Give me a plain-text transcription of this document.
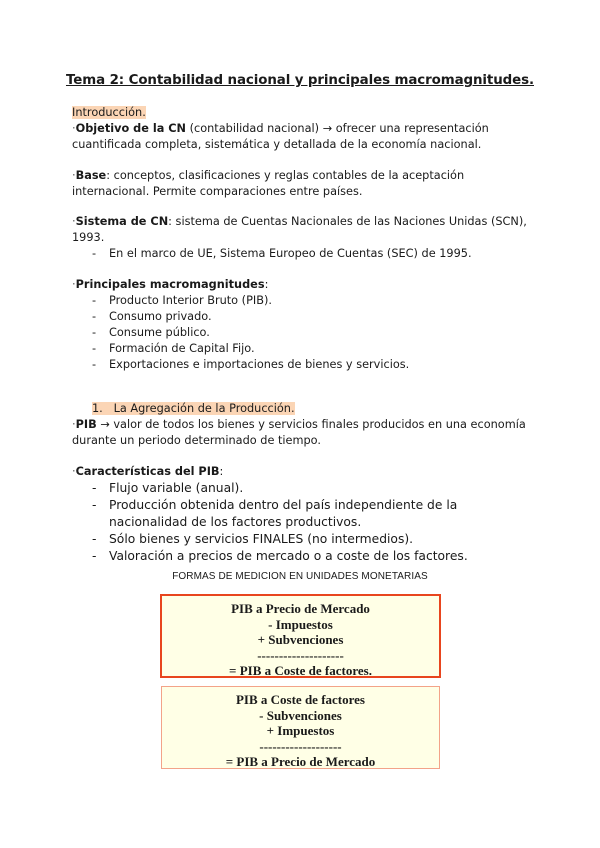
Tema 2: Contabilidad nacional y principales macromagnitudes.
Introducción.
·Objetivo de la CN (contabilidad nacional) → ofrecer una representación cuantificada completa, sistemática y detallada de la economía nacional.
·Base: conceptos, clasificaciones y reglas contables de la aceptación internacional. Permite comparaciones entre países.
·Sistema de CN: sistema de Cuentas Nacionales de las Naciones Unidas (SCN), 1993.
- En el marco de UE, Sistema Europeo de Cuentas (SEC) de 1995.
·Principales macromagnitudes:
- Producto Interior Bruto (PIB).
- Consumo privado.
- Consume público.
- Formación de Capital Fijo.
- Exportaciones e importaciones de bienes y servicios.
1. La Agregación de la Producción.
·PIB → valor de todos los bienes y servicios finales producidos en una economía durante un periodo determinado de tiempo.
·Características del PIB:
- Flujo variable (anual).
- Producción obtenida dentro del país independiente de la nacionalidad de los factores productivos.
- Sólo bienes y servicios FINALES (no intermedios).
- Valoración a precios de mercado o a coste de los factores.
FORMAS DE MEDICION EN UNIDADES MONETARIAS
PIB a Precio de Mercado
- Impuestos
+ Subvenciones
--------------------
= PIB a Coste de factores.
PIB a Coste de factores
- Subvenciones
+ Impuestos
-------------------
= PIB a Precio de Mercado
